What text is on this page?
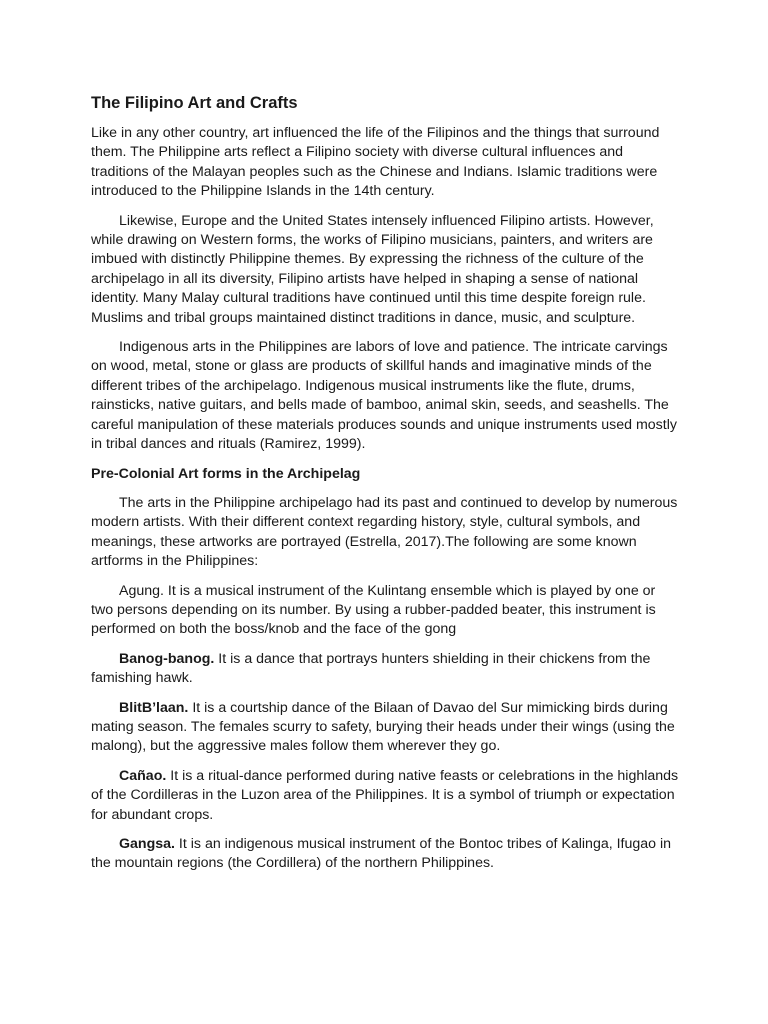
The Filipino Art and Crafts

Like in any other country, art influenced the life of the Filipinos and the things that surround them. The Philippine arts reflect a Filipino society with diverse cultural influences and traditions of the Malayan peoples such as the Chinese and Indians. Islamic traditions were introduced to the Philippine Islands in the 14th century.

Likewise, Europe and the United States intensely influenced Filipino artists. However, while drawing on Western forms, the works of Filipino musicians, painters, and writers are imbued with distinctly Philippine themes. By expressing the richness of the culture of the archipelago in all its diversity, Filipino artists have helped in shaping a sense of national identity. Many Malay cultural traditions have continued until this time despite foreign rule. Muslims and tribal groups maintained distinct traditions in dance, music, and sculpture.

Indigenous arts in the Philippines are labors of love and patience. The intricate carvings on wood, metal, stone or glass are products of skillful hands and imaginative minds of the different tribes of the archipelago. Indigenous musical instruments like the flute, drums, rainsticks, native guitars, and bells made of bamboo, animal skin, seeds, and seashells. The careful manipulation of these materials produces sounds and unique instruments used mostly in tribal dances and rituals (Ramirez, 1999).

Pre-Colonial Art forms in the Archipelag

The arts in the Philippine archipelago had its past and continued to develop by numerous modern artists. With their different context regarding history, style, cultural symbols, and meanings, these artworks are portrayed (Estrella, 2017).The following are some known artforms in the Philippines:

Agung. It is a musical instrument of the Kulintang ensemble which is played by one or two persons depending on its number. By using a rubber-padded beater, this instrument is performed on both the boss/knob and the face of the gong

Banog-banog. It is a dance that portrays hunters shielding in their chickens from the famishing hawk.

BlitB’laan. It is a courtship dance of the Bilaan of Davao del Sur mimicking birds during mating season. The females scurry to safety, burying their heads under their wings (using the malong), but the aggressive males follow them wherever they go.

Cañao. It is a ritual-dance performed during native feasts or celebrations in the highlands of the Cordilleras in the Luzon area of the Philippines. It is a symbol of triumph or expectation for abundant crops.

Gangsa. It is an indigenous musical instrument of the Bontoc tribes of Kalinga, Ifugao in the mountain regions (the Cordillera) of the northern Philippines.
